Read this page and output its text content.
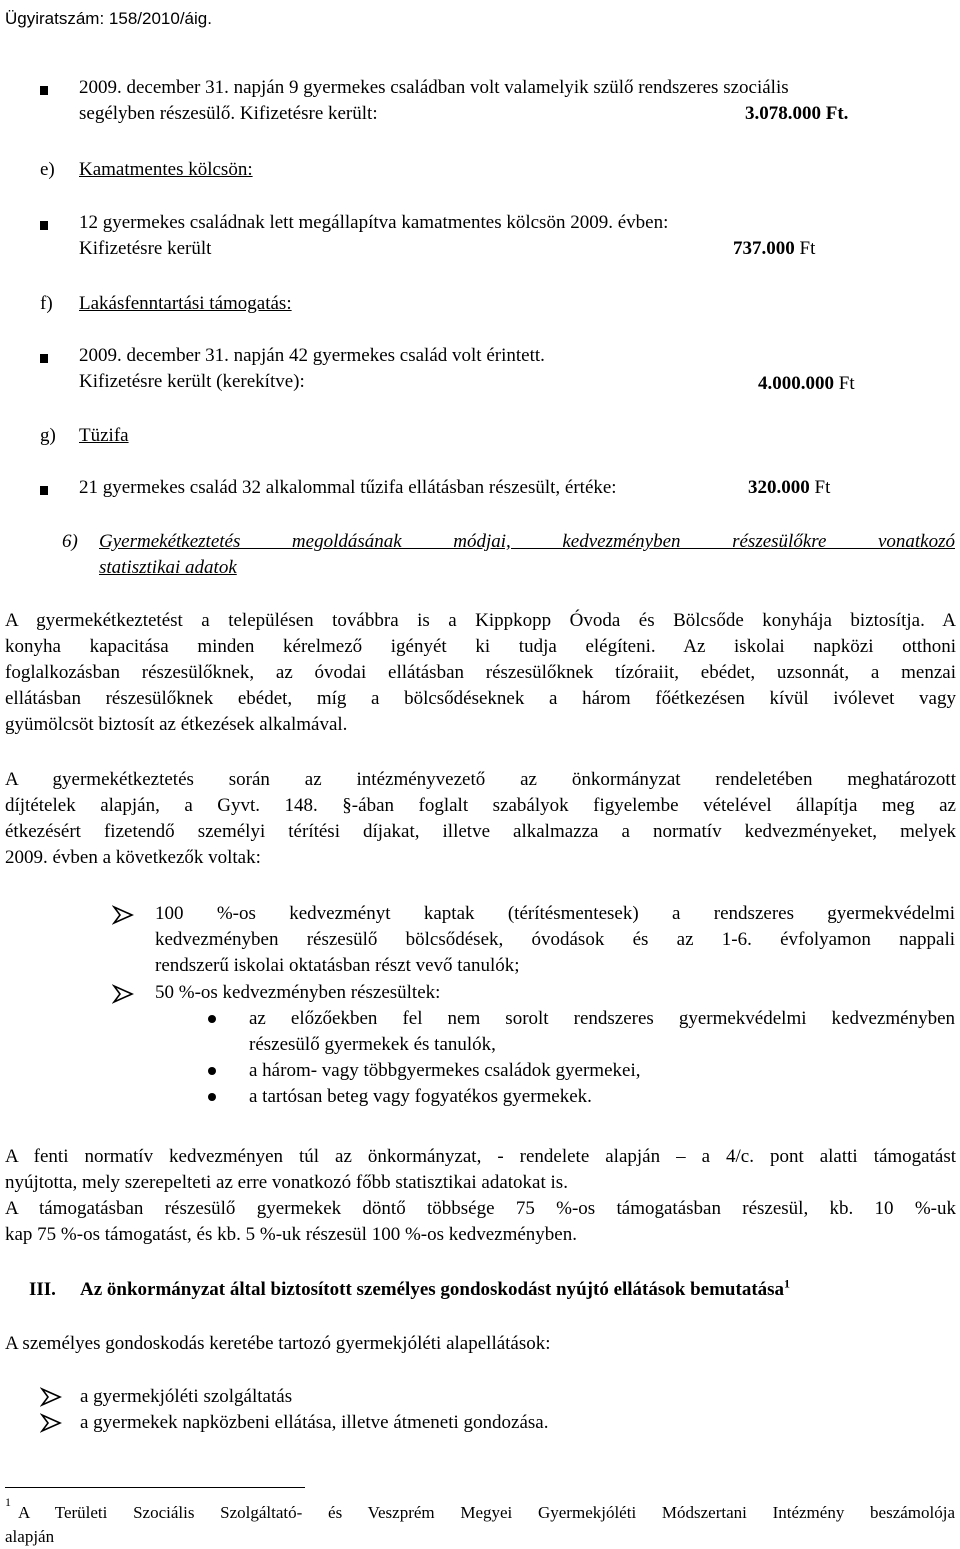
Ügyiratszám: 158/2010/áig.
2009. december 31. napján 9 gyermekes családban volt valamelyik szülő rendszeres szociális
segélyben részesülő. Kifizetésre került:	3.078.000 Ft.
e) Kamatmentes kölcsön:
12 gyermekes családnak lett megállapítva kamatmentes kölcsön 2009. évben:
Kifizetésre került	737.000 Ft
f) Lakásfenntartási támogatás:
2009. december 31. napján 42 gyermekes család volt érintett.
Kifizetésre került (kerekítve):	4.000.000 Ft
g) Tüzifa
21 gyermekes család 32 alkalommal tűzifa ellátásban részesült, értéke:	320.000 Ft
6) Gyermekétkeztetés megoldásának módjai, kedvezményben részesülőkre vonatkozó
statisztikai adatok
A gyermekétkeztetést a településen továbbra is a Kippkopp Óvoda és Bölcsőde konyhája biztosítja. A
konyha kapacitása minden kérelmező igényét ki tudja elégíteni. Az iskolai napközi otthoni
foglalkozásban részesülőknek, az óvodai ellátásban részesülőknek tízóraiit, ebédet, uzsonnát, a menzai
ellátásban részesülőknek ebédet, míg a bölcsődéseknek a három főétkezésen kívül ivólevet vagy
gyümölcsöt biztosít az étkezések alkalmával.
A gyermekétkeztetés során az intézményvezető az önkormányzat rendeletében meghatározott
díjtételek alapján, a Gyvt. 148. §-ában foglalt szabályok figyelembe vételével állapítja meg az
étkezésért fizetendő személyi térítési díjakat, illetve alkalmazza a normatív kedvezményeket, melyek
2009. évben a következők voltak:
100 %-os kedvezményt kaptak (térítésmentesek) a rendszeres gyermekvédelmi
kedvezményben részesülő bölcsődések, óvodások és az 1-6. évfolyamon nappali
rendszerű iskolai oktatásban részt vevő tanulók;
50 %-os kedvezményben részesültek:
az előzőekben fel nem sorolt rendszeres gyermekvédelmi kedvezményben
részesülő gyermekek és tanulók,
a három- vagy többgyermekes családok gyermekei,
a tartósan beteg vagy fogyatékos gyermekek.
A fenti normatív kedvezményen túl az önkormányzat, - rendelete alapján – a 4/c. pont alatti támogatást
nyújtotta, mely szerepelteti az erre vonatkozó főbb statisztikai adatokat is.
A támogatásban részesülő gyermekek döntő többsége 75 %-os támogatásban részesül, kb. 10 %-uk
kap 75 %-os támogatást, és kb. 5 %-uk részesül 100 %-os kedvezményben.
III. Az önkormányzat által biztosított személyes gondoskodást nyújtó ellátások bemutatása$^1$
A személyes gondoskodás keretébe tartozó gyermekjóléti alapellátások:
a gyermekjóléti szolgáltatás
a gyermekek napközbeni ellátása, illetve átmeneti gondozása.
1
A Területi Szociális Szolgáltató- és Veszprém Megyei Gyermekjóléti Módszertani Intézmény beszámolója
alapján
